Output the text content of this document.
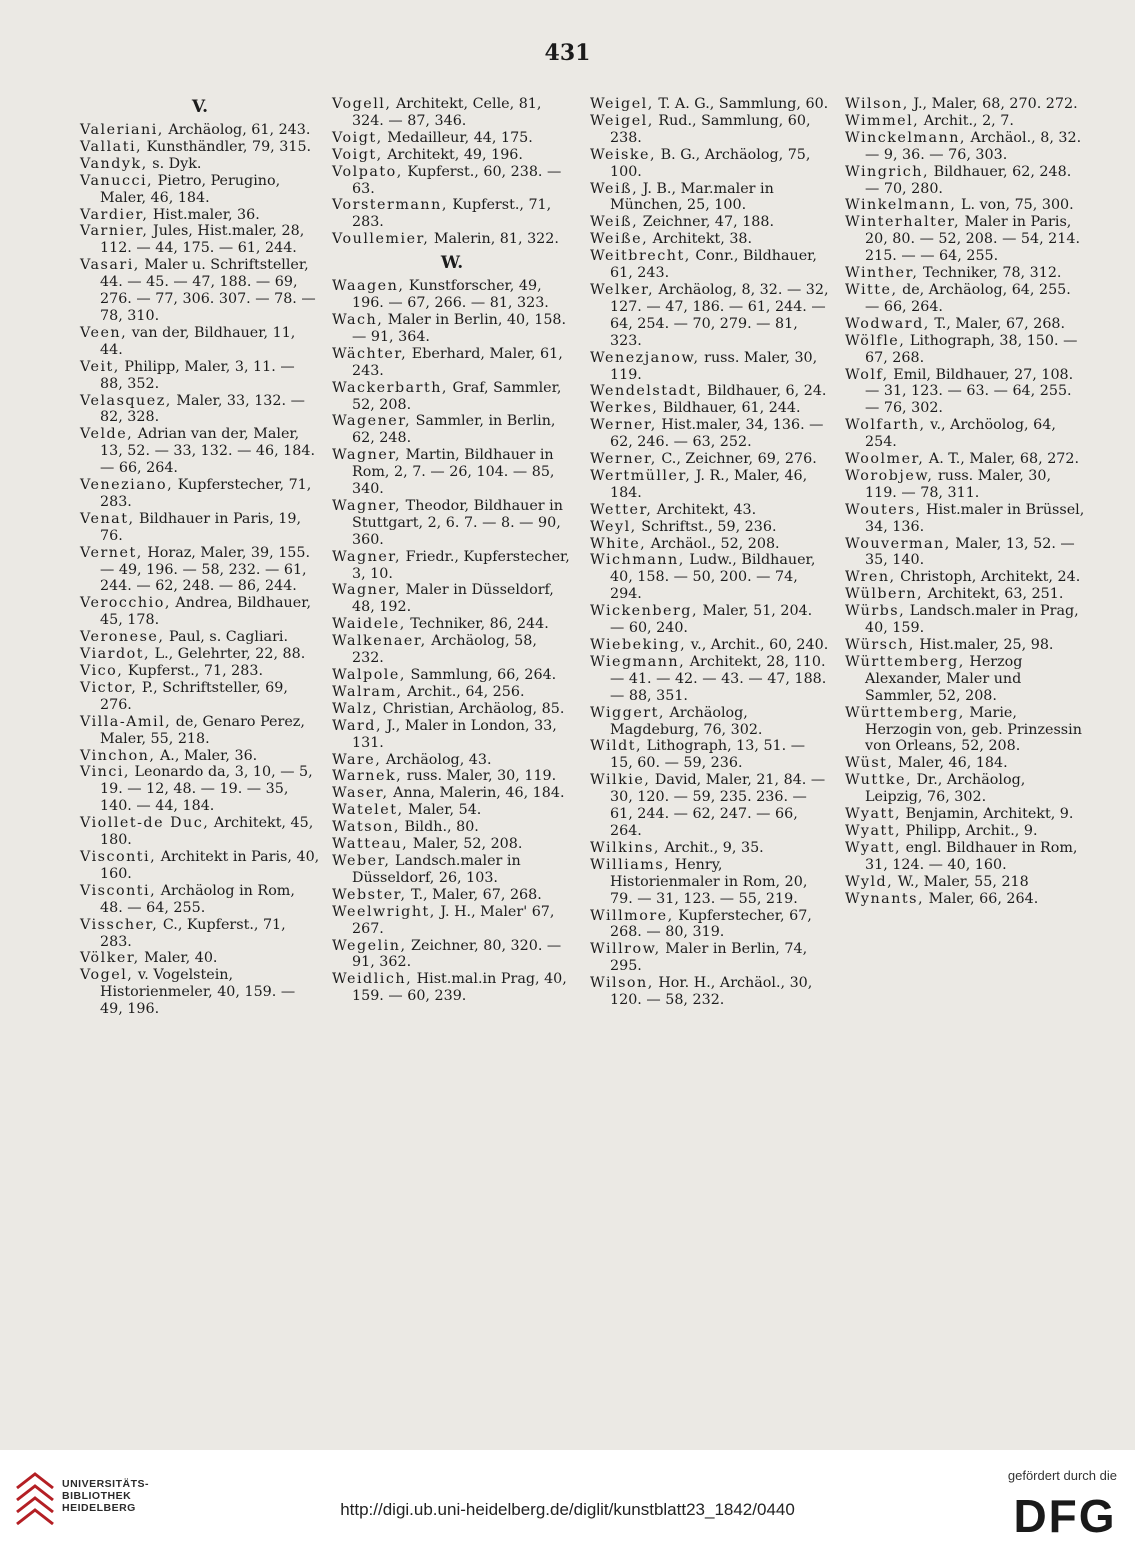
431
V.
Valeriani, Archäolog, 61, 243.
Vallati, Kunsthändler, 79, 315.
Vandyk, s. Dyk.
Vanucci, Pietro, Perugino, Maler, 46, 184.
Vardier, Hist.maler, 36.
Varnier, Jules, Hist.maler, 28, 112. — 44, 175. — 61, 244.
Vasari, Maler u. Schriftsteller, 44. — 45. — 47, 188. — 69, 276. — 77, 306. 307. — 78. — 78, 310.
Veen, van der, Bildhauer, 11, 44.
Veit, Philipp, Maler, 3, 11. — 88, 352.
Velasquez, Maler, 33, 132. — 82, 328.
Velde, Adrian van der, Maler, 13, 52. — 33, 132. — 46, 184. — 66, 264.
Veneziano, Kupferstecher, 71, 283.
Venat, Bildhauer in Paris, 19, 76.
Vernet, Horaz, Maler, 39, 155. — 49, 196. — 58, 232. — 61, 244. — 62, 248. — 86, 244.
Verocchio, Andrea, Bildhauer, 45, 178.
Veronese, Paul, s. Cagliari.
Viardot, L., Gelehrter, 22, 88.
Vico, Kupferst., 71, 283.
Victor, P., Schriftsteller, 69, 276.
Villa-Amil, de, Genaro Perez, Maler, 55, 218.
Vinchon, A., Maler, 36.
Vinci, Leonardo da, 3, 10, — 5, 19. — 12, 48. — 19. — 35, 140. — 44, 184.
Viollet-de Duc, Architekt, 45, 180.
Visconti, Architekt in Paris, 40, 160.
Visconti, Archäolog in Rom, 48. — 64, 255.
Visscher, C., Kupferst., 71, 283.
Völker, Maler, 40.
Vogel, v. Vogelstein, Historienmeler, 40, 159. — 49, 196.
Vogell, Architekt, Celle, 81, 324. — 87, 346.
Voigt, Medailleur, 44, 175.
Voigt, Architekt, 49, 196.
Volpato, Kupferst., 60, 238. — 63.
Vorstermann, Kupferst., 71, 283.
Voullemier, Malerin, 81, 322.
W.
Waagen, Kunstforscher, 49, 196. — 67, 266. — 81, 323.
Wach, Maler in Berlin, 40, 158. — 91, 364.
Wächter, Eberhard, Maler, 61, 243.
Wackerbarth, Graf, Sammler, 52, 208.
Wagener, Sammler, in Berlin, 62, 248.
Wagner, Martin, Bildhauer in Rom, 2, 7. — 26, 104. — 85, 340.
Wagner, Theodor, Bildhauer in Stuttgart, 2, 6. 7. — 8. — 90, 360.
Wagner, Friedr., Kupferstecher, 3, 10.
Wagner, Maler in Düsseldorf, 48, 192.
Waidele, Techniker, 86, 244.
Walkenaer, Archäolog, 58, 232.
Walpole, Sammlung, 66, 264.
Walram, Archit., 64, 256.
Walz, Christian, Archäolog, 85.
Ward, J., Maler in London, 33, 131.
Ware, Archäolog, 43.
Warnek, russ. Maler, 30, 119.
Waser, Anna, Malerin, 46, 184.
Watelet, Maler, 54.
Watson, Bildh., 80.
Watteau, Maler, 52, 208.
Weber, Landsch.maler in Düsseldorf, 26, 103.
Webster, T., Maler, 67, 268.
Weelwright, J. H., Maler' 67, 267.
Wegelin, Zeichner, 80, 320. — 91, 362.
Weidlich, Hist.mal.in Prag, 40, 159. — 60, 239.
Weigel, T. A. G., Sammlung, 60.
Weigel, Rud., Sammlung, 60, 238.
Weiske, B. G., Archäolog, 75, 100.
Weiß, J. B., Mar.maler in München, 25, 100.
Weiß, Zeichner, 47, 188.
Weiße, Architekt, 38.
Weitbrecht, Conr., Bildhauer, 61, 243.
Welker, Archäolog, 8, 32. — 32, 127. — 47, 186. — 61, 244. — 64, 254. — 70, 279. — 81, 323.
Wenezjanow, russ. Maler, 30, 119.
Wendelstadt, Bildhauer, 6, 24.
Werkes, Bildhauer, 61, 244.
Werner, Hist.maler, 34, 136. — 62, 246. — 63, 252.
Werner, C., Zeichner, 69, 276.
Wertmüller, J. R., Maler, 46, 184.
Wetter, Architekt, 43.
Weyl, Schriftst., 59, 236.
White, Archäol., 52, 208.
Wichmann, Ludw., Bildhauer, 40, 158. — 50, 200. — 74, 294.
Wickenberg, Maler, 51, 204. — 60, 240.
Wiebeking, v., Archit., 60, 240.
Wiegmann, Architekt, 28, 110. — 41. — 42. — 43. — 47, 188. — 88, 351.
Wiggert, Archäolog, Magdeburg, 76, 302.
Wildt, Lithograph, 13, 51. — 15, 60. — 59, 236.
Wilkie, David, Maler, 21, 84. — 30, 120. — 59, 235. 236. — 61, 244. — 62, 247. — 66, 264.
Wilkins, Archit., 9, 35.
Williams, Henry, Historienmaler in Rom, 20, 79. — 31, 123. — 55, 219.
Willmore, Kupferstecher, 67, 268. — 80, 319.
Willrow, Maler in Berlin, 74, 295.
Wilson, Hor. H., Archäol., 30, 120. — 58, 232.
Wilson, J., Maler, 68, 270. 272.
Wimmel, Archit., 2, 7.
Winckelmann, Archäol., 8, 32. — 9, 36. — 76, 303.
Wingrich, Bildhauer, 62, 248. — 70, 280.
Winkelmann, L. von, 75, 300.
Winterhalter, Maler in Paris, 20, 80. — 52, 208. — 54, 214. 215. — — 64, 255.
Winther, Techniker, 78, 312.
Witte, de, Archäolog, 64, 255. — 66, 264.
Wodward, T., Maler, 67, 268.
Wölfle, Lithograph, 38, 150. — 67, 268.
Wolf, Emil, Bildhauer, 27, 108. — 31, 123. — 63. — 64, 255. — 76, 302.
Wolfarth, v., Archöolog, 64, 254.
Woolmer, A. T., Maler, 68, 272.
Worobjew, russ. Maler, 30, 119. — 78, 311.
Wouters, Hist.maler in Brüssel, 34, 136.
Wouverman, Maler, 13, 52. — 35, 140.
Wren, Christoph, Architekt, 24.
Wülbern, Architekt, 63, 251.
Würbs, Landsch.maler in Prag, 40, 159.
Würsch, Hist.maler, 25, 98.
Württemberg, Herzog Alexander, Maler und Sammler, 52, 208.
Württemberg, Marie, Herzogin von, geb. Prinzessin von Orleans, 52, 208.
Wüst, Maler, 46, 184.
Wuttke, Dr., Archäolog, Leipzig, 76, 302.
Wyatt, Benjamin, Architekt, 9.
Wyatt, Philipp, Archit., 9.
Wyatt, engl. Bildhauer in Rom, 31, 124. — 40, 160.
Wyld, W., Maler, 55, 218
Wynants, Maler, 66, 264.
UNIVERSITÄTS-
BIBLIOTHEK
HEIDELBERG	http://digi.ub.uni-heidelberg.de/diglit/kunstblatt23_1842/0440
gefördert durch die
DFG
